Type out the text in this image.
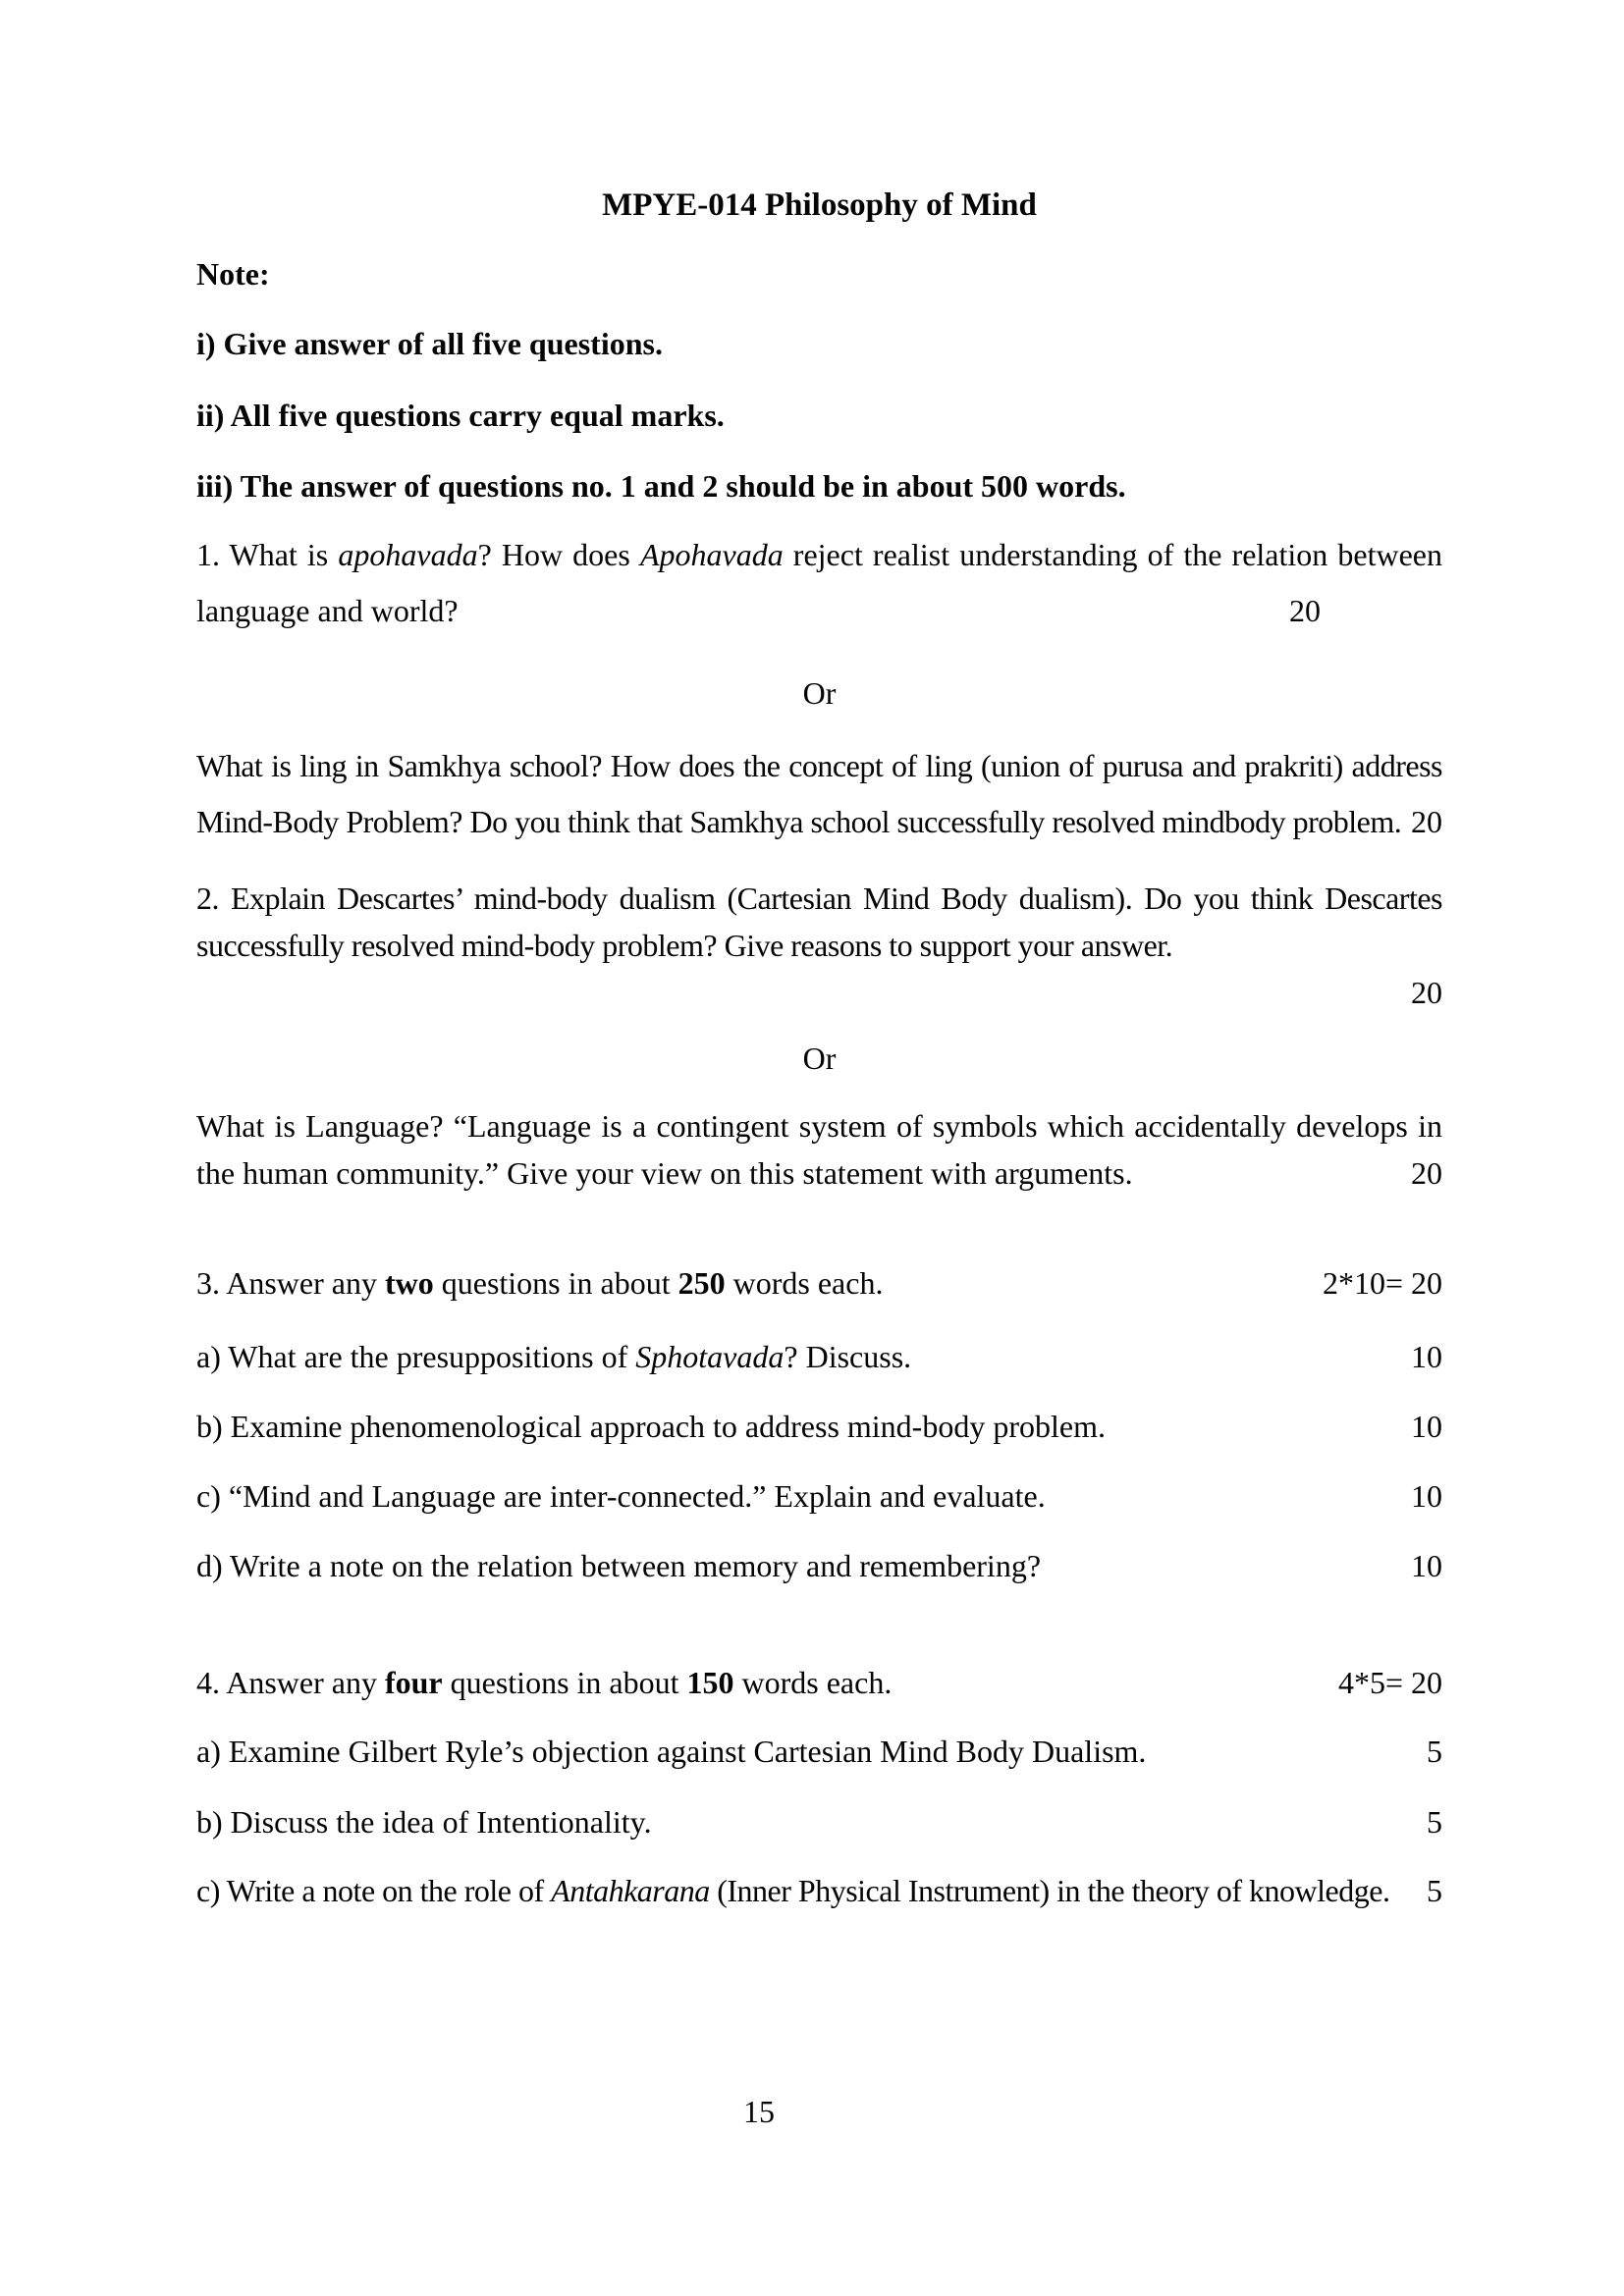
MPYE-014 Philosophy of Mind
Note:
i) Give answer of all five questions.
ii) All five questions carry equal marks.
iii) The answer of questions no. 1 and 2 should be in about 500 words.
1. What is apohavada? How does Apohavada reject realist understanding of the relation between language and world?	20
Or
What is ling in Samkhya school? How does the concept of ling (union of purusa and prakriti) address Mind-Body Problem? Do you think that Samkhya school successfully resolved mindbody problem. 20
2. Explain Descartes’ mind-body dualism (Cartesian Mind Body dualism). Do you think Descartes successfully resolved mind-body problem? Give reasons to support your answer.
20
Or
What is Language? “Language is a contingent system of symbols which accidentally develops in the human community.” Give your view on this statement with arguments.	20
3. Answer any two questions in about 250 words each.	2*10= 20
a) What are the presuppositions of Sphotavada? Discuss.	10
b) Examine phenomenological approach to address mind-body problem.	10
c) “Mind and Language are inter-connected.” Explain and evaluate.	10
d) Write a note on the relation between memory and remembering?	10
4. Answer any four questions in about 150 words each.	4*5= 20
a) Examine Gilbert Ryle’s objection against Cartesian Mind Body Dualism.	5
b) Discuss the idea of Intentionality.	5
c) Write a note on the role of Antahkarana (Inner Physical Instrument) in the theory of knowledge. 5
15
